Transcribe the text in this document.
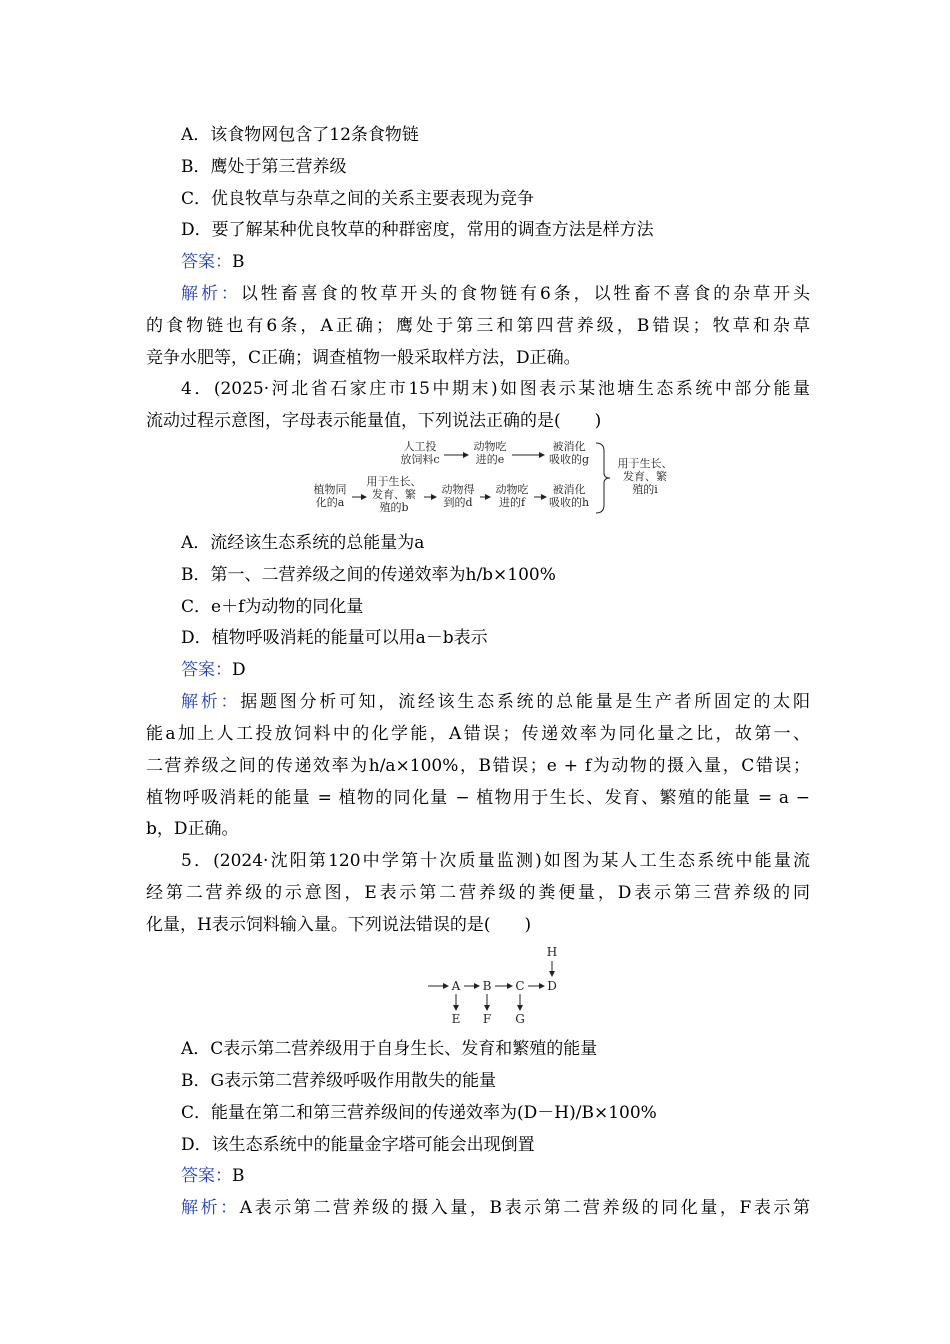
A．该食物网包含了12条食物链
B．鹰处于第三营养级
C．优良牧草与杂草之间的关系主要表现为竞争
D．要了解某种优良牧草的种群密度，常用的调查方法是样方法
答案：B
解析：以牲畜喜食的牧草开头的食物链有6条，以牲畜不喜食的杂草开头
的食物链也有6条，A正确；鹰处于第三和第四营养级，B错误；牧草和杂草
竞争水肥等，C正确；调查植物一般采取样方法，D正确。
4．(2025·河北省石家庄市15中期末)如图表示某池塘生态系统中部分能量
流动过程示意图，字母表示能量值，下列说法正确的是(　　)
人工投放饲料c
动物吃进的e
被消化吸收的g
植物同化的a
用于生长、发育、繁殖的b
动物得到的d
动物吃进的f
被消化吸收的h
用于生长、发育、繁殖的i
A．流经该生态系统的总能量为a
B．第一、二营养级之间的传递效率为h/b×100%
C．e＋f为动物的同化量
D．植物呼吸消耗的能量可以用a－b表示
答案：D
解析：据题图分析可知，流经该生态系统的总能量是生产者所固定的太阳
能a加上人工投放饲料中的化学能，A错误；传递效率为同化量之比，故第一、
二营养级之间的传递效率为h/a×100%，B错误；e + f为动物的摄入量，C错误；
植物呼吸消耗的能量 = 植物的同化量 − 植物用于生长、发育、繁殖的能量 = a −
b，D正确。
5．(2024·沈阳第120中学第十次质量监测)如图为某人工生态系统中能量流
经第二营养级的示意图，E表示第二营养级的粪便量，D表示第三营养级的同
化量，H表示饲料输入量。下列说法错误的是(　　)
H
A B C D
E F G
A．C表示第二营养级用于自身生长、发育和繁殖的能量
B．G表示第二营养级呼吸作用散失的能量
C．能量在第二和第三营养级间的传递效率为(D－H)/B×100%
D．该生态系统中的能量金字塔可能会出现倒置
答案：B
解析：A表示第二营养级的摄入量，B表示第二营养级的同化量，F表示第
